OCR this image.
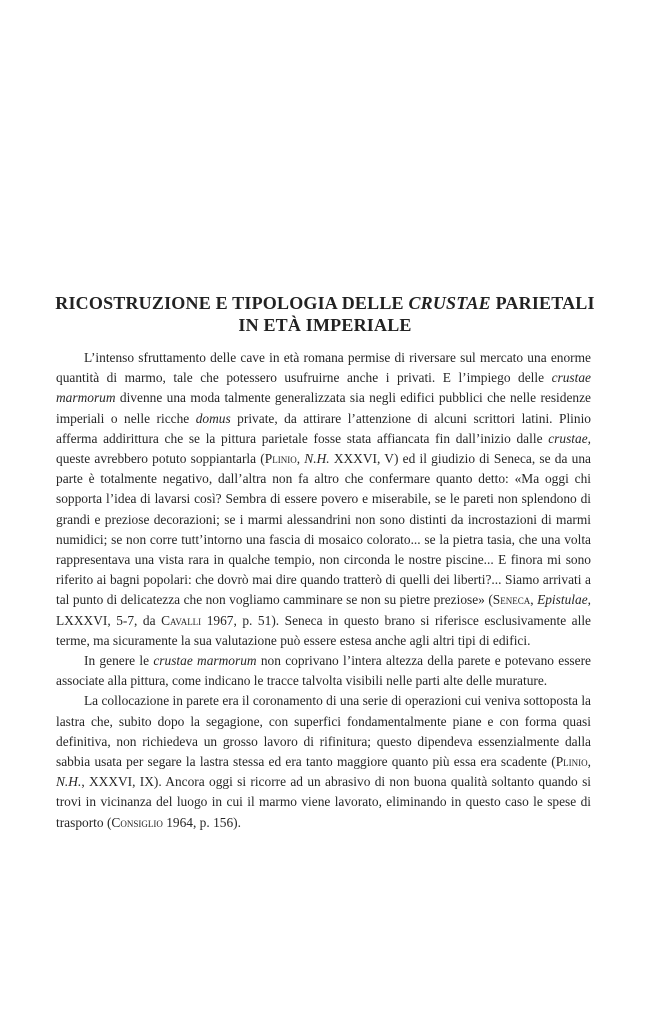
RICOSTRUZIONE E TIPOLOGIA DELLE CRUSTAE PARIETALI
IN ETÀ IMPERIALE

L’intenso sfruttamento delle cave in età romana permise di riversare sul mercato una enorme quantità di marmo, tale che potessero usufruirne anche i privati. E l’impiego delle crustae marmorum divenne una moda talmente generalizzata sia negli edifici pubblici che nelle residenze imperiali o nelle ricche domus private, da attirare l’attenzione di alcuni scrittori latini. Plinio afferma addirittura che se la pittura parietale fosse stata affiancata fin dall’inizio dalle crustae, queste avrebbero potuto soppiantarla (Plinio, N.H. XXXVI, V) ed il giudizio di Seneca, se da una parte è totalmente negativo, dall’altra non fa altro che confermare quanto detto: «Ma oggi chi sopporta l’idea di lavarsi così? Sembra di essere povero e miserabile, se le pareti non splendono di grandi e preziose decorazioni; se i marmi alessandrini non sono distinti da incrostazioni di marmi numidici; se non corre tutt’intorno una fascia di mosaico colorato... se la pietra tasia, che una volta rappresentava una vista rara in qualche tempio, non circonda le nostre piscine... E finora mi sono riferito ai bagni popolari: che dovrò mai dire quando tratterò di quelli dei liberti?... Siamo arrivati a tal punto di delicatezza che non vogliamo camminare se non su pietre preziose» (Seneca, Epistulae, LXXXVI, 5-7, da Cavalli 1967, p. 51). Seneca in questo brano si riferisce esclusivamente alle terme, ma sicuramente la sua valutazione può essere estesa anche agli altri tipi di edifici.

In genere le crustae marmorum non coprivano l’intera altezza della parete e potevano essere associate alla pittura, come indicano le tracce talvolta visibili nelle parti alte delle murature.

La collocazione in parete era il coronamento di una serie di operazioni cui veniva sottoposta la lastra che, subito dopo la segagione, con superfici fondamentalmente piane e con forma quasi definitiva, non richiedeva un grosso lavoro di rifinitura; questo dipendeva essenzialmente dalla sabbia usata per segare la lastra stessa ed era tanto maggiore quanto più essa era scadente (Plinio, N.H., XXXVI, IX). Ancora oggi si ricorre ad un abrasivo di non buona qualità soltanto quando si trovi in vicinanza del luogo in cui il marmo viene lavorato, eliminando in questo caso le spese di trasporto (Consiglio 1964, p. 156).
